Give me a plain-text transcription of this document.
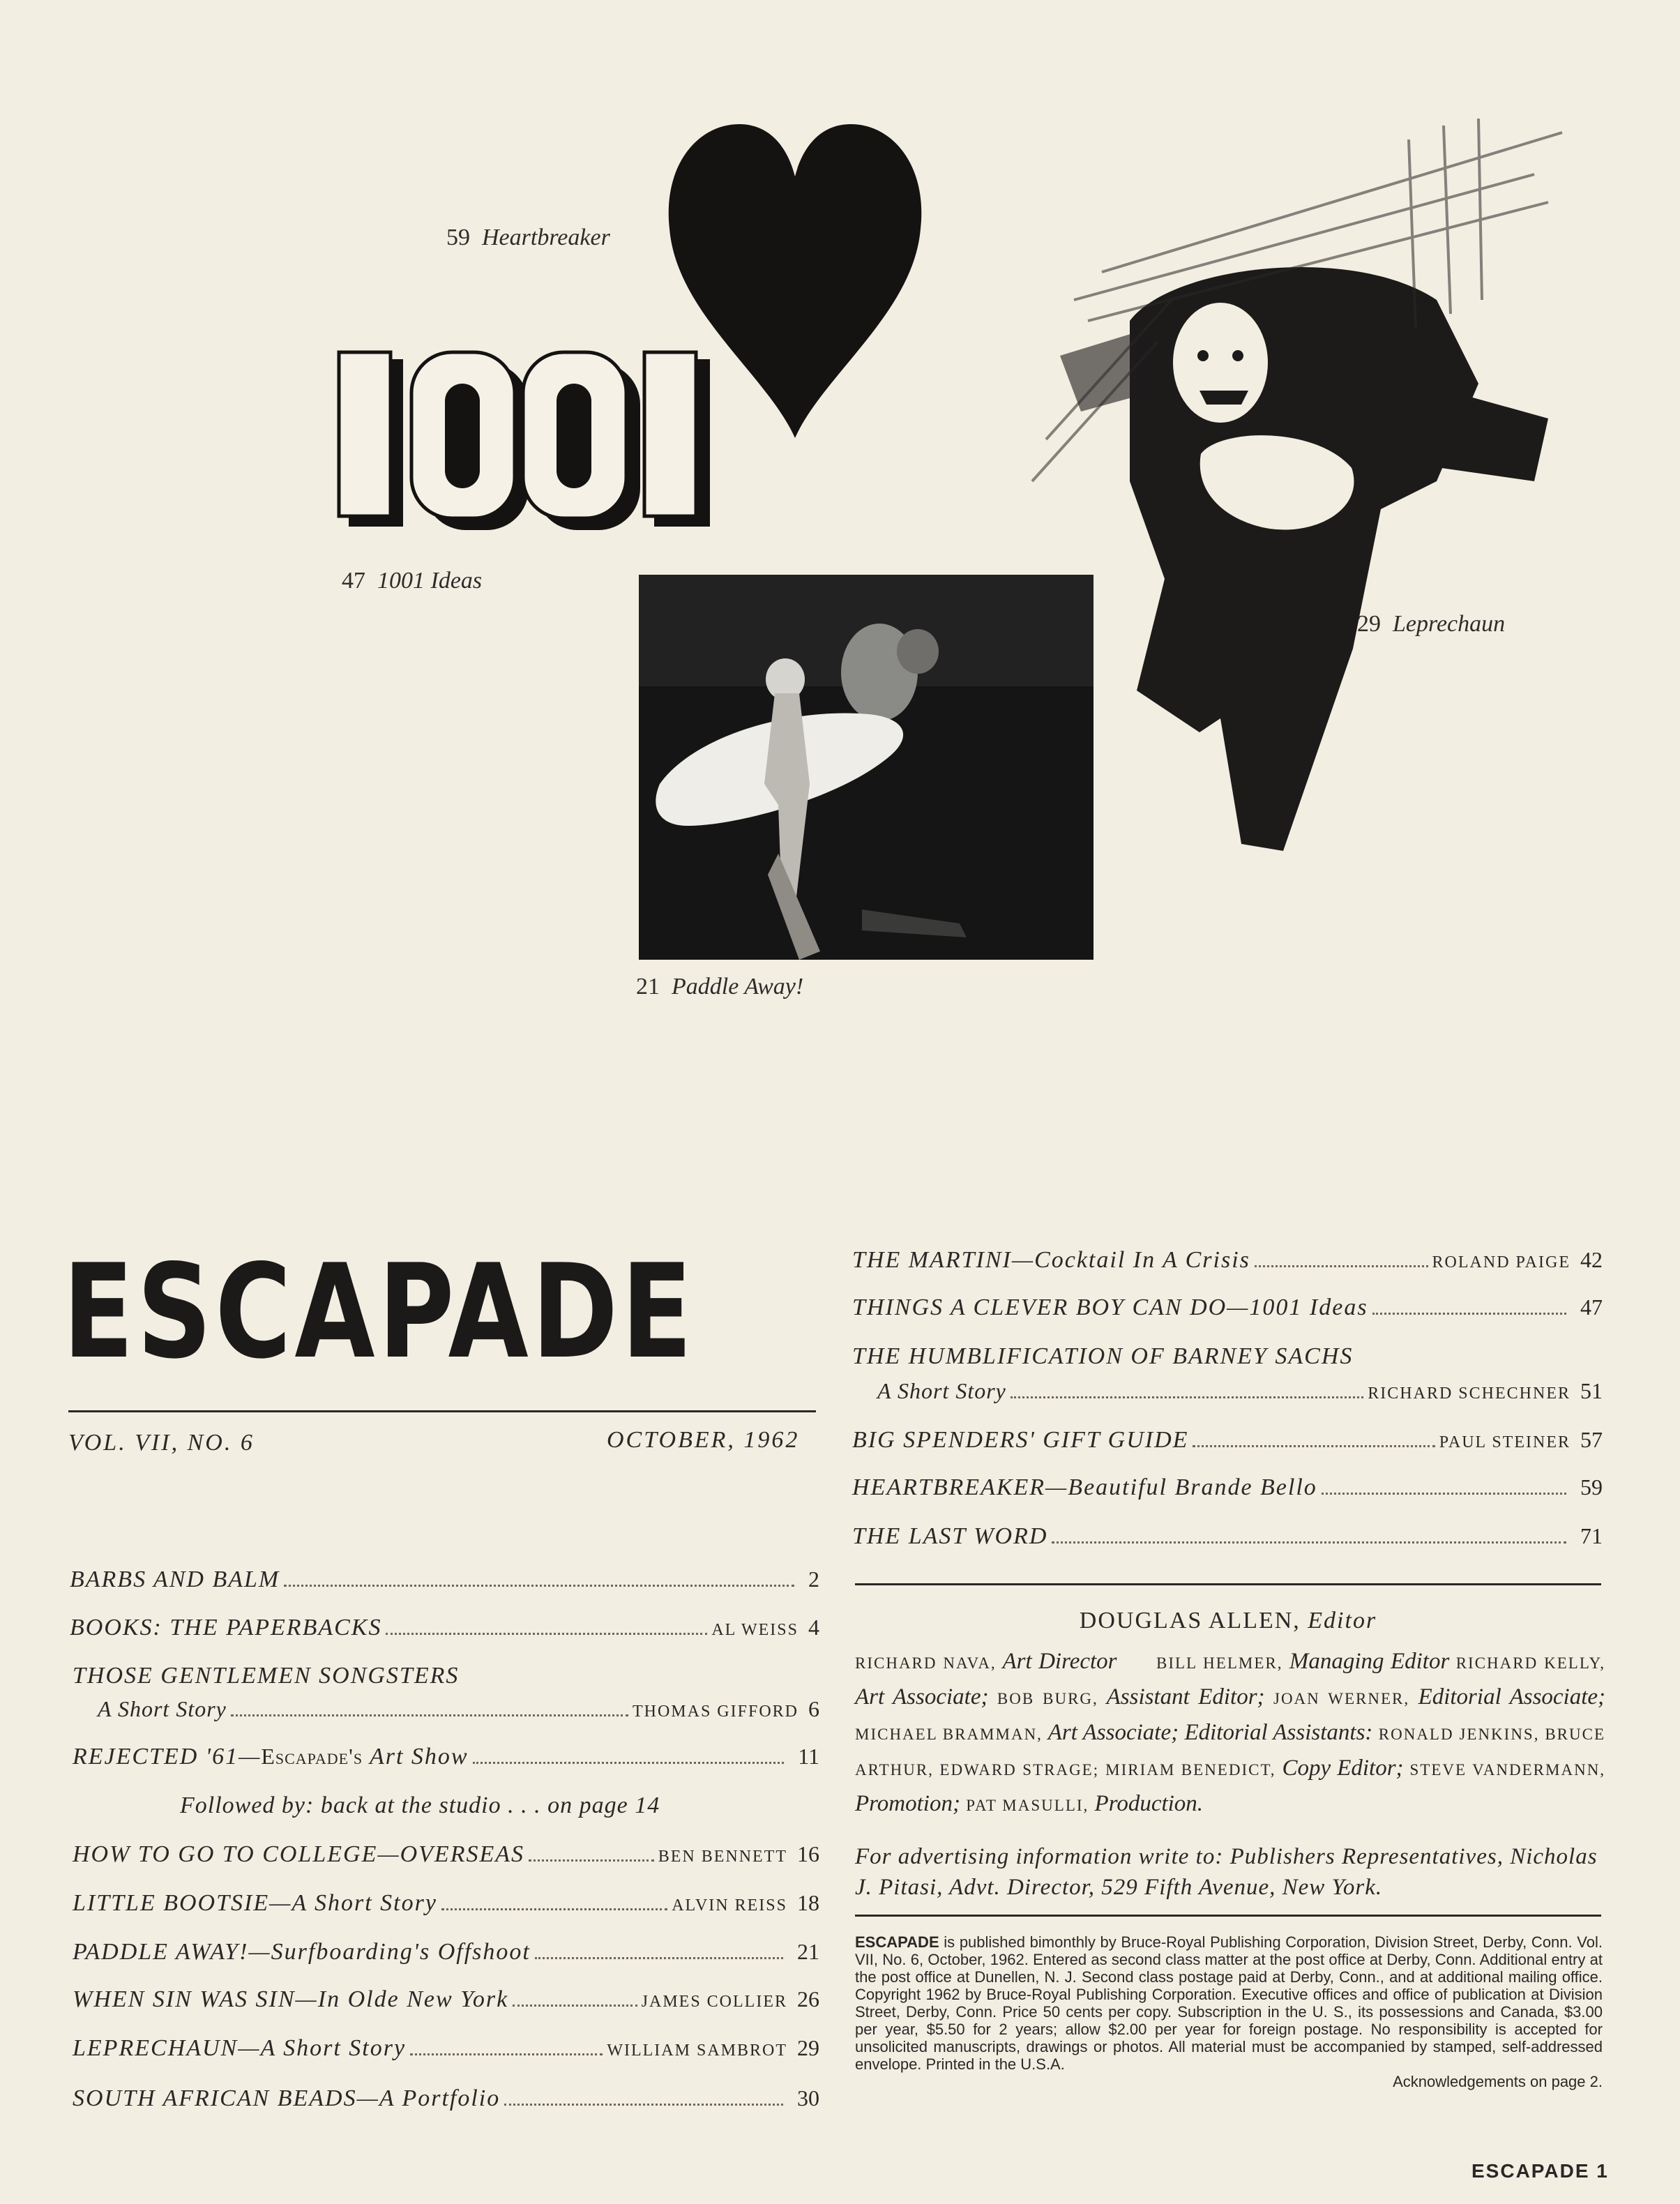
59 Heartbreaker
47 1001 Ideas
21 Paddle Away!
29 Leprechaun
ESCAPADE
VOL. VII, NO. 6	OCTOBER, 1962
BARBS AND BALM	2
BOOKS: THE PAPERBACKS	AL WEISS 4
THOSE GENTLEMEN SONGSTERS
A Short Story	THOMAS GIFFORD 6
REJECTED '61—Escapade's Art Show	11
Followed by: back at the studio . . . on page 14
HOW TO GO TO COLLEGE—OVERSEAS	BEN BENNETT 16
LITTLE BOOTSIE—A Short Story	ALVIN REISS 18
PADDLE AWAY!—Surfboarding's Offshoot	21
WHEN SIN WAS SIN—In Olde New York	JAMES COLLIER 26
LEPRECHAUN—A Short Story	WILLIAM SAMBROT 29
SOUTH AFRICAN BEADS—A Portfolio	30
THE MARTINI—Cocktail In A Crisis	ROLAND PAIGE 42
THINGS A CLEVER BOY CAN DO—1001 Ideas	47
THE HUMBLIFICATION OF BARNEY SACHS
A Short Story	RICHARD SCHECHNER 51
BIG SPENDERS' GIFT GUIDE	PAUL STEINER 57
HEARTBREAKER—Beautiful Brande Bello	59
THE LAST WORD	71
DOUGLAS ALLEN, Editor
RICHARD NAVA, Art Director BILL HELMER, Managing Editor RICHARD KELLY, Art Associate; BOB BURG, Assistant Editor; JOAN WERNER, Editorial Associate; MICHAEL BRAMMAN, Art Associate; Editorial Assistants: RONALD JENKINS, BRUCE ARTHUR, EDWARD STRAGE; MIRIAM BENEDICT, Copy Editor; STEVE VANDERMANN, Promotion; PAT MASULLI, Production.
For advertising information write to: Publishers Representatives, Nicholas J. Pitasi, Advt. Director, 529 Fifth Avenue, New York.
ESCAPADE is published bimonthly by Bruce-Royal Publishing Corporation, Division Street, Derby, Conn. Vol. VII, No. 6, October, 1962. Entered as second class matter at the post office at Derby, Conn. Additional entry at the post office at Dunellen, N. J. Second class postage paid at Derby, Conn., and at additional mailing office. Copyright 1962 by Bruce-Royal Publishing Corporation. Executive offices and office of publication at Division Street, Derby, Conn. Price 50 cents per copy. Subscription in the U. S., its possessions and Canada, $3.00 per year, $5.50 for 2 years; allow $2.00 per year for foreign postage. No responsibility is accepted for unsolicited manuscripts, drawings or photos. All material must be accompanied by stamped, self-addressed envelope. Printed in the U.S.A.
Acknowledgements on page 2.
ESCAPADE 1
